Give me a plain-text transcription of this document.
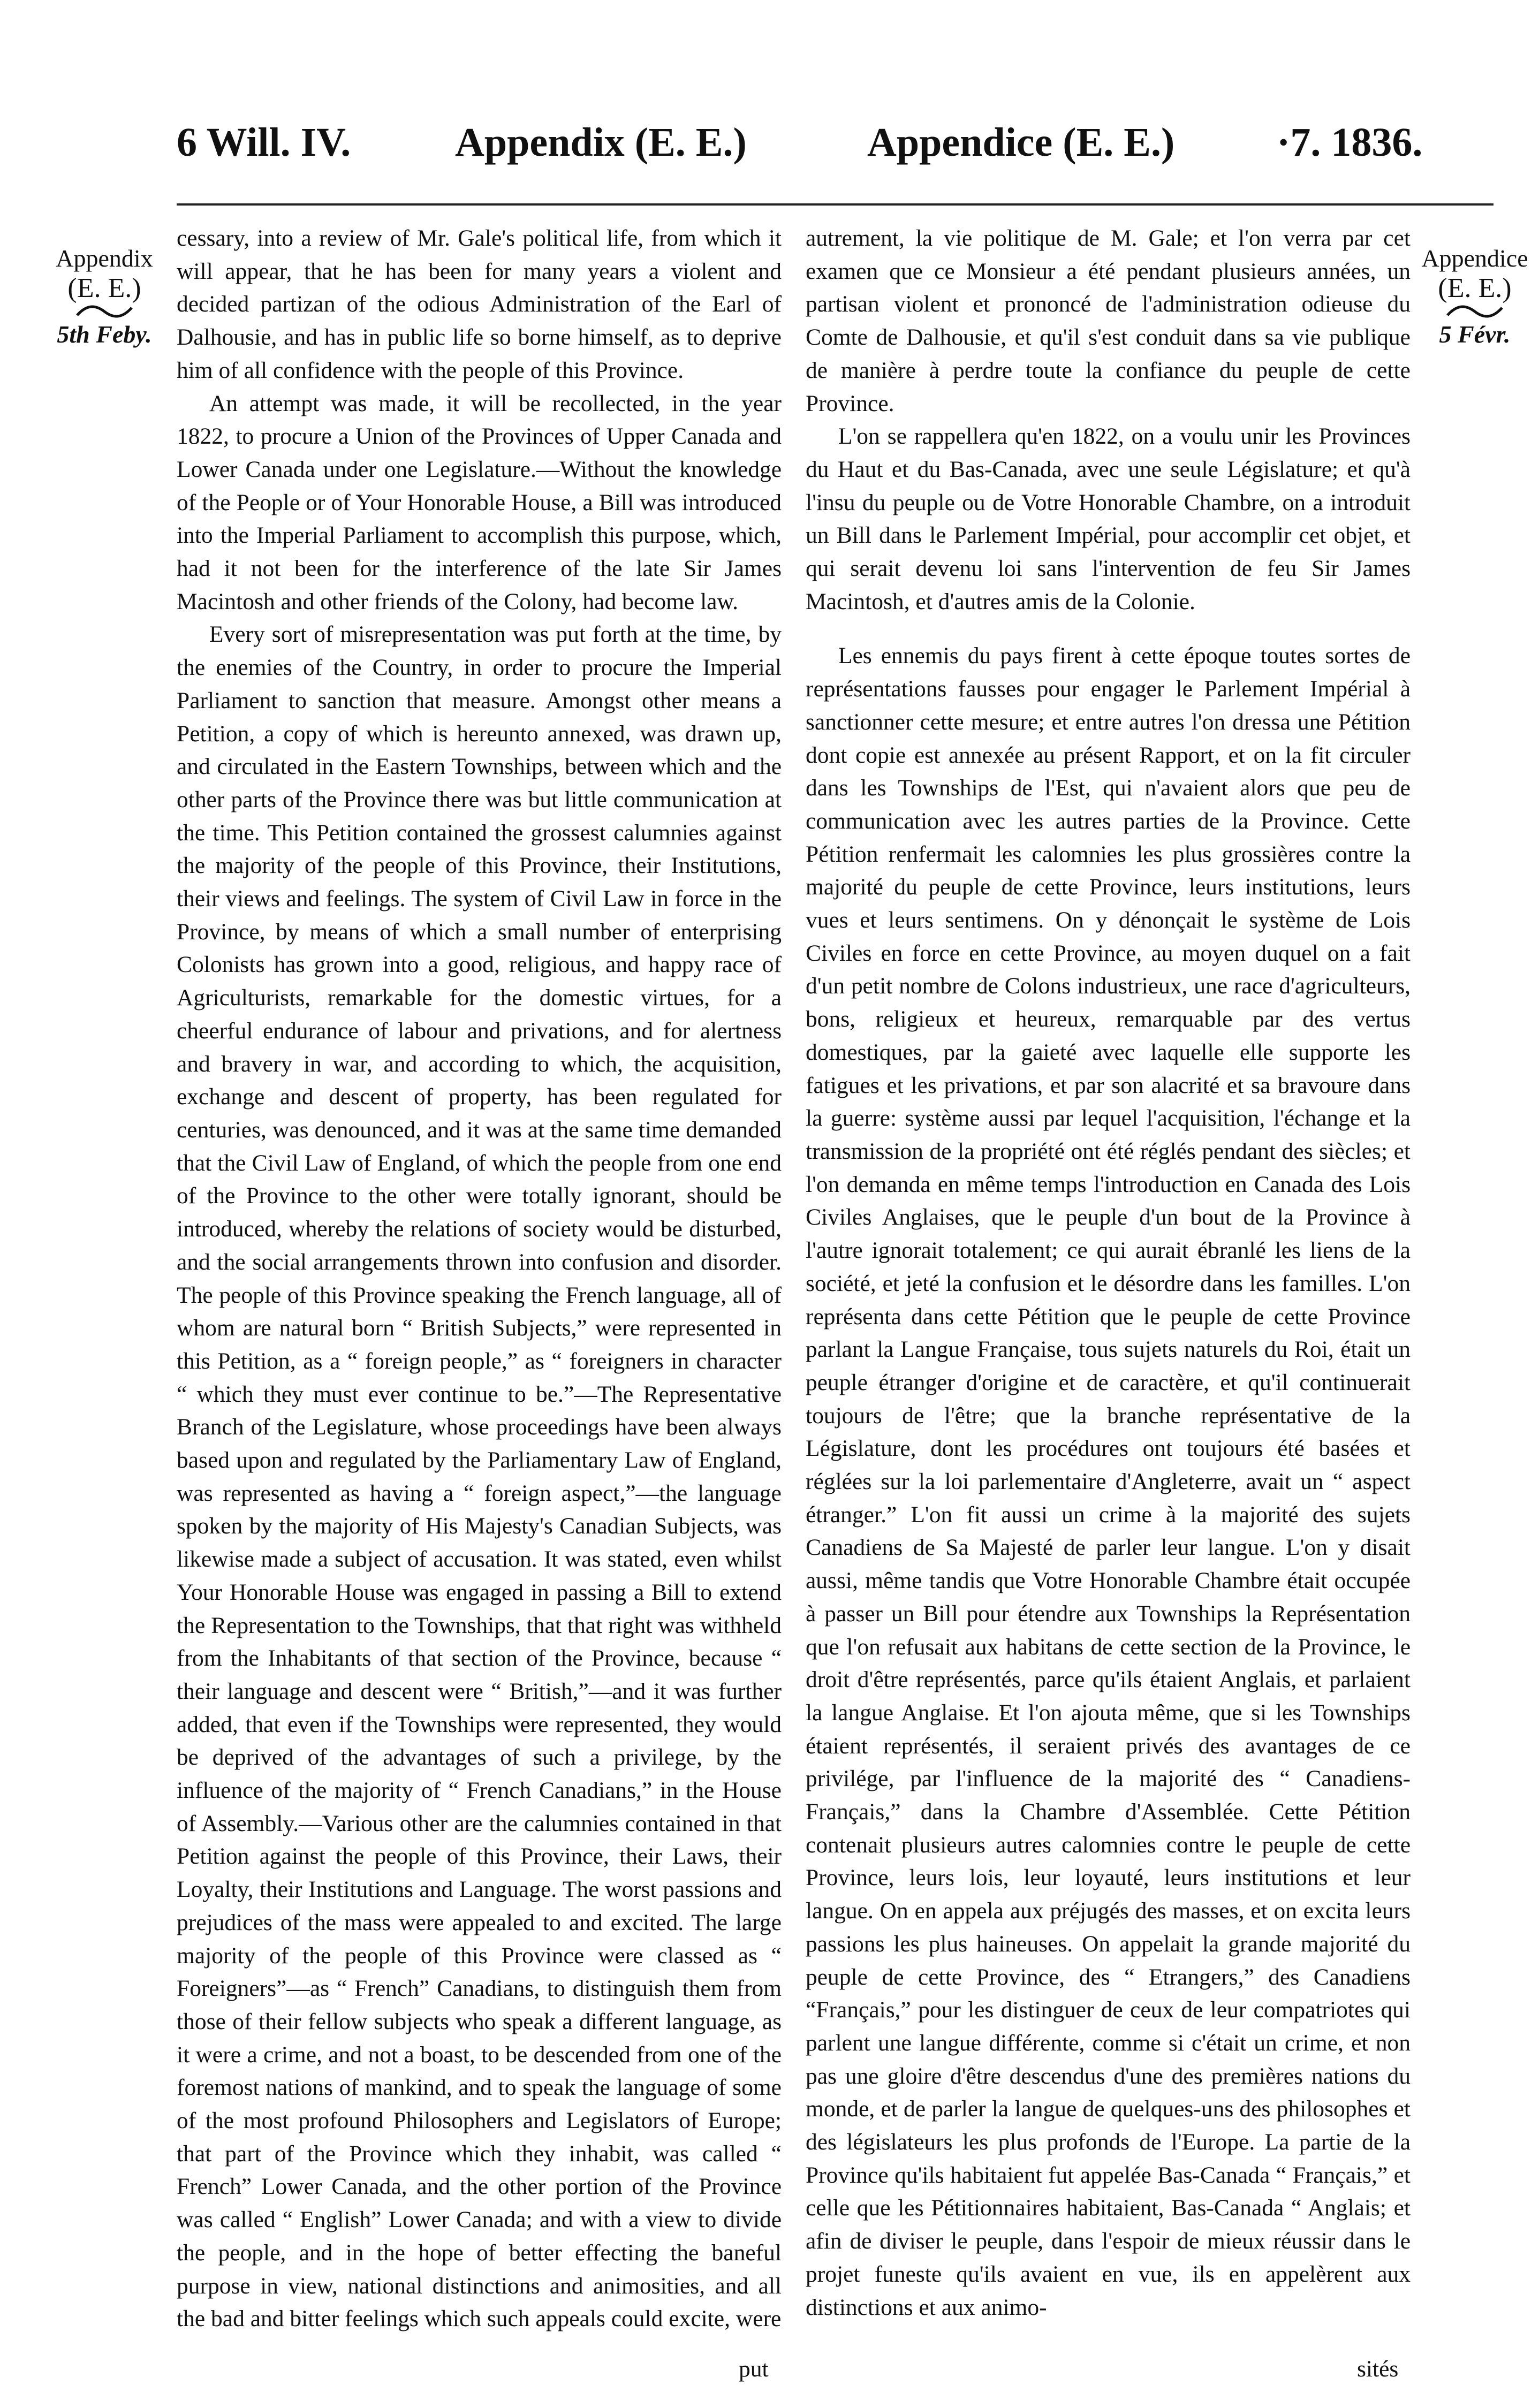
6 Will. IV.	Appendix (E. E.)	Appendice (E. E.)	·7. 1836.
Appendix
(E. E.)
5th Feby.
Appendice
(E. E.)
5 Févr.

cessary, into a review of Mr. Gale's political life, from which it will appear, that he has been for many years a violent and decided partizan of the odious Administration of the Earl of Dalhousie, and has in public life so borne himself, as to deprive him of all confidence with the people of this Province.

An attempt was made, it will be recollected, in the year 1822, to procure a Union of the Provinces of Upper Canada and Lower Canada under one Legislature.—Without the knowledge of the People or of Your Honorable House, a Bill was introduced into the Imperial Parliament to accomplish this purpose, which, had it not been for the interference of the late Sir James Macintosh and other friends of the Colony, had become law.

Every sort of misrepresentation was put forth at the time, by the enemies of the Country, in order to procure the Imperial Parliament to sanction that measure. Amongst other means a Petition, a copy of which is hereunto annexed, was drawn up, and circulated in the Eastern Townships, between which and the other parts of the Province there was but little communication at the time. This Petition contained the grossest calumnies against the majority of the people of this Province, their Institutions, their views and feelings. The system of Civil Law in force in the Province, by means of which a small number of enterprising Colonists has grown into a good, religious, and happy race of Agriculturists, remarkable for the domestic virtues, for a cheerful endurance of labour and privations, and for alertness and bravery in war, and according to which, the acquisition, exchange and descent of property, has been regulated for centuries, was denounced, and it was at the same time demanded that the Civil Law of England, of which the people from one end of the Province to the other were totally ignorant, should be introduced, whereby the relations of society would be disturbed, and the social arrangements thrown into confusion and disorder. The people of this Province speaking the French language, all of whom are natural born “ British Subjects,” were represented in this Petition, as a “ foreign people,” as “ foreigners in character “ which they must ever continue to be.”—The Representative Branch of the Legislature, whose proceedings have been always based upon and regulated by the Parliamentary Law of England, was represented as having a “ foreign aspect,”—the language spoken by the majority of His Majesty's Canadian Subjects, was likewise made a subject of accusation. It was stated, even whilst Your Honorable House was engaged in passing a Bill to extend the Representation to the Townships, that that right was withheld from the Inhabitants of that section of the Province, because “ their language and descent were “ British,”—and it was further added, that even if the Townships were represented, they would be deprived of the advantages of such a privilege, by the influence of the majority of “ French Canadians,” in the House of Assembly.—Various other are the calumnies contained in that Petition against the people of this Province, their Laws, their Loyalty, their Institutions and Language. The worst passions and prejudices of the mass were appealed to and excited. The large majority of the people of this Province were classed as “ Foreigners”—as “ French” Canadians, to distinguish them from those of their fellow subjects who speak a different language, as it were a crime, and not a boast, to be descended from one of the foremost nations of mankind, and to speak the language of some of the most profound Philosophers and Legislators of Europe; that part of the Province which they inhabit, was called “ French” Lower Canada, and the other portion of the Province was called “ English” Lower Canada; and with a view to divide the people, and in the hope of better effecting the baneful purpose in view, national distinctions and animosities, and all the bad and bitter feelings which such appeals could excite, were

autrement, la vie politique de M. Gale; et l'on verra par cet examen que ce Monsieur a été pendant plusieurs années, un partisan violent et prononcé de l'administration odieuse du Comte de Dalhousie, et qu'il s'est conduit dans sa vie publique de manière à perdre toute la confiance du peuple de cette Province.

L'on se rappellera qu'en 1822, on a voulu unir les Provinces du Haut et du Bas-Canada, avec une seule Législature; et qu'à l'insu du peuple ou de Votre Honorable Chambre, on a introduit un Bill dans le Parlement Impérial, pour accomplir cet objet, et qui serait devenu loi sans l'intervention de feu Sir James Macintosh, et d'autres amis de la Colonie.

Les ennemis du pays firent à cette époque toutes sortes de représentations fausses pour engager le Parlement Impérial à sanctionner cette mesure; et entre autres l'on dressa une Pétition dont copie est annexée au présent Rapport, et on la fit circuler dans les Townships de l'Est, qui n'avaient alors que peu de communication avec les autres parties de la Province. Cette Pétition renfermait les calomnies les plus grossières contre la majorité du peuple de cette Province, leurs institutions, leurs vues et leurs sentimens. On y dénonçait le système de Lois Civiles en force en cette Province, au moyen duquel on a fait d'un petit nombre de Colons industrieux, une race d'agriculteurs, bons, religieux et heureux, remarquable par des vertus domestiques, par la gaieté avec laquelle elle supporte les fatigues et les privations, et par son alacrité et sa bravoure dans la guerre: système aussi par lequel l'acquisition, l'échange et la transmission de la propriété ont été réglés pendant des siècles; et l'on demanda en même temps l'introduction en Canada des Lois Civiles Anglaises, que le peuple d'un bout de la Province à l'autre ignorait totalement; ce qui aurait ébranlé les liens de la société, et jeté la confusion et le désordre dans les familles. L'on représenta dans cette Pétition que le peuple de cette Province parlant la Langue Française, tous sujets naturels du Roi, était un peuple étranger d'origine et de caractère, et qu'il continuerait toujours de l'être; que la branche représentative de la Législature, dont les procédures ont toujours été basées et réglées sur la loi parlementaire d'Angleterre, avait un “ aspect étranger.” L'on fit aussi un crime à la majorité des sujets Canadiens de Sa Majesté de parler leur langue. L'on y disait aussi, même tandis que Votre Honorable Chambre était occupée à passer un Bill pour étendre aux Townships la Représentation que l'on refusait aux habitans de cette section de la Province, le droit d'être représentés, parce qu'ils étaient Anglais, et parlaient la langue Anglaise. Et l'on ajouta même, que si les Townships étaient représentés, il seraient privés des avantages de ce privilége, par l'influence de la majorité des “ Canadiens-Français,” dans la Chambre d'Assemblée. Cette Pétition contenait plusieurs autres calomnies contre le peuple de cette Province, leurs lois, leur loyauté, leurs institutions et leur langue. On en appela aux préjugés des masses, et on excita leurs passions les plus haineuses. On appelait la grande majorité du peuple de cette Province, des “ Etrangers,” des Canadiens “Français,” pour les distinguer de ceux de leur compatriotes qui parlent une langue différente, comme si c'était un crime, et non pas une gloire d'être descendus d'une des premières nations du monde, et de parler la langue de quelques-uns des philosophes et des législateurs les plus profonds de l'Europe. La partie de la Province qu'ils habitaient fut appelée Bas-Canada “ Français,” et celle que les Pétitionnaires habitaient, Bas-Canada “ Anglais; et afin de diviser le peuple, dans l'espoir de mieux réussir dans le projet funeste qu'ils avaient en vue, ils en appelèrent aux distinctions et aux animo-

put	sités
